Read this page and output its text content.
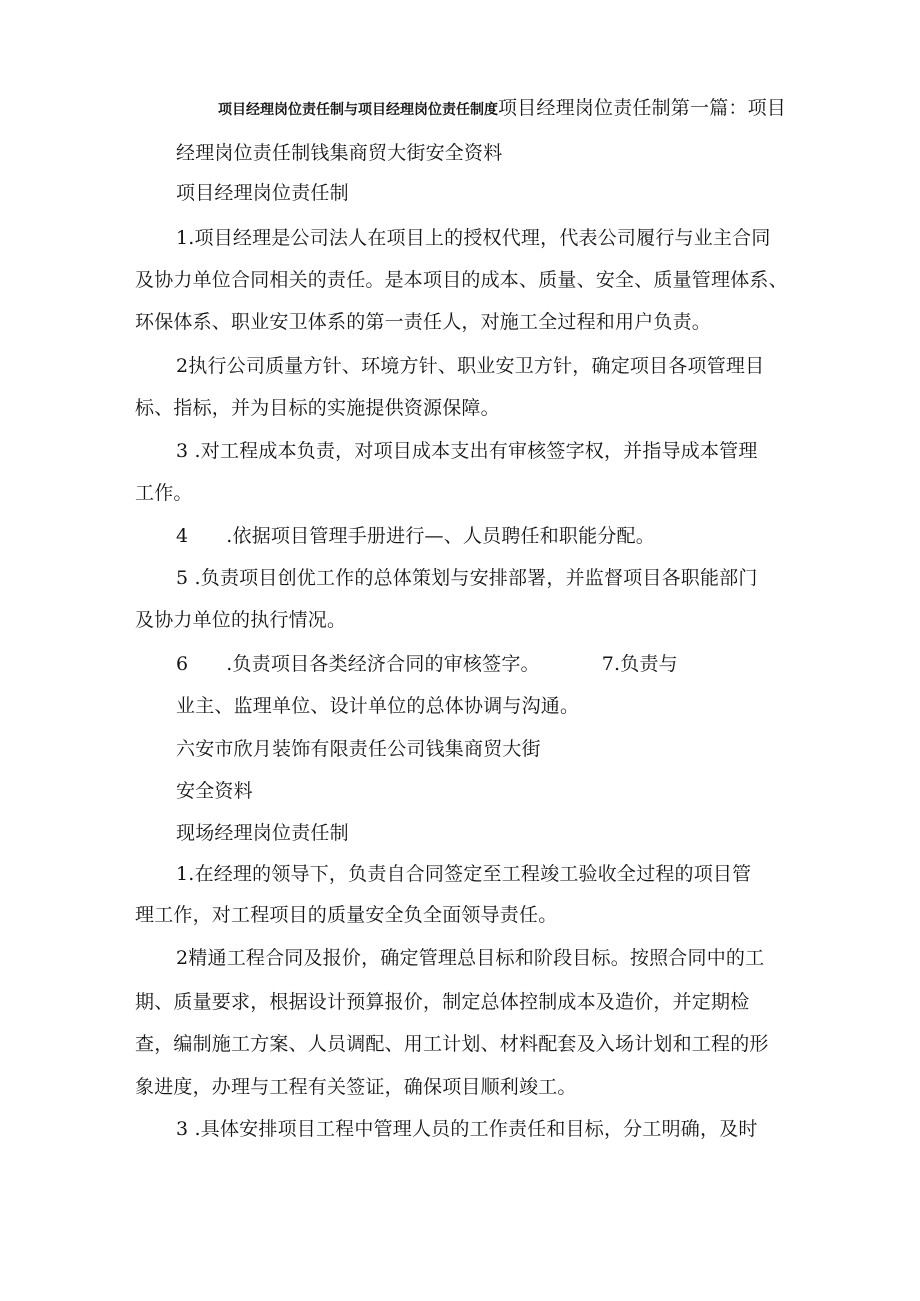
项目经理岗位责任制与项目经理岗位责任制度项目经理岗位责任制第一篇：项目
经理岗位责任制钱集商贸大街安全资料
项目经理岗位责任制
1.项目经理是公司法人在项目上的授权代理，代表公司履行与业主合同
及协力单位合同相关的责任。是本项目的成本、质量、安全、质量管理体系、
环保体系、职业安卫体系的第一责任人，对施工全过程和用户负责。
2执行公司质量方针、环境方针、职业安卫方针，确定项目各项管理目
标、指标，并为目标的实施提供资源保障。
3 .对工程成本负责，对项目成本支出有审核签字权，并指导成本管理
工作。
4 .依据项目管理手册进行—、人员聘任和职能分配。
5 .负责项目创优工作的总体策划与安排部署，并监督项目各职能部门
及协力单位的执行情况。
6 .负责项目各类经济合同的审核签字。	7.负责与
业主、监理单位、设计单位的总体协调与沟通。
六安市欣月装饰有限责任公司钱集商贸大街
安全资料
现场经理岗位责任制
1.在经理的领导下，负责自合同签定至工程竣工验收全过程的项目管
理工作，对工程项目的质量安全负全面领导责任。
2精通工程合同及报价，确定管理总目标和阶段目标。按照合同中的工
期、质量要求，根据设计预算报价，制定总体控制成本及造价，并定期检
查，编制施工方案、人员调配、用工计划、材料配套及入场计划和工程的形
象进度，办理与工程有关签证，确保项目顺利竣工。
3 .具体安排项目工程中管理人员的工作责任和目标，分工明确，及时
